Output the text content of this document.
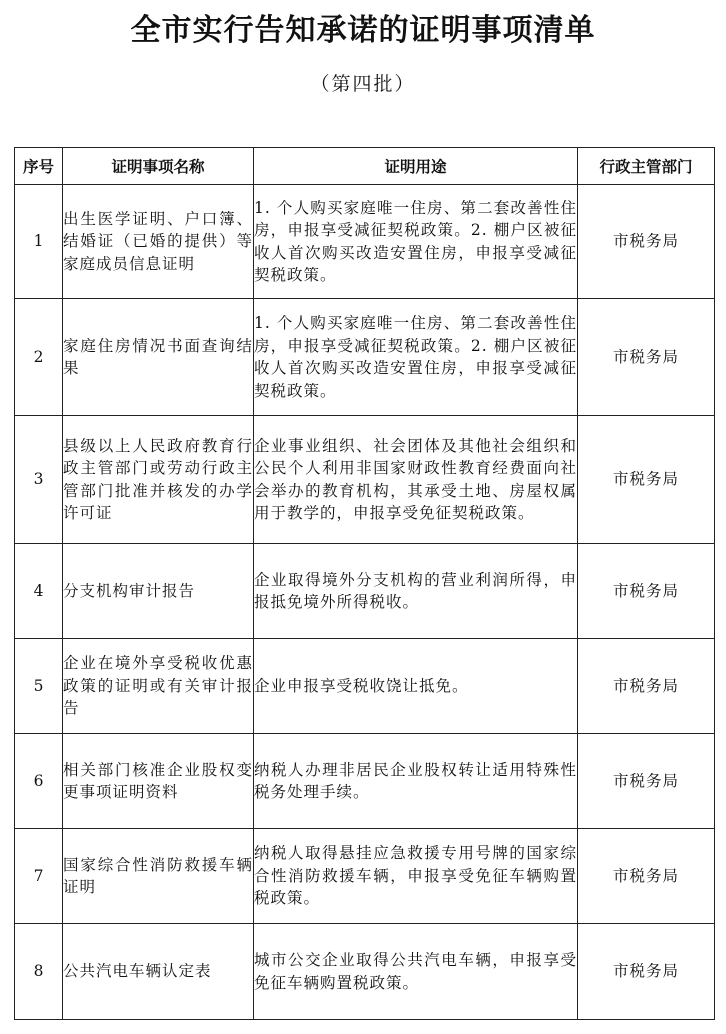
全市实行告知承诺的证明事项清单
（第四批）
序号	证明事项名称	证明用途	行政主管部门
1	出生医学证明、户口簿、结婚证（已婚的提供）等家庭成员信息证明	1. 个人购买家庭唯一住房、第二套改善性住房，申报享受减征契税政策。2. 棚户区被征收人首次购买改造安置住房，申报享受减征契税政策。	市税务局
2	家庭住房情况书面查询结果	1. 个人购买家庭唯一住房、第二套改善性住房，申报享受减征契税政策。2. 棚户区被征收人首次购买改造安置住房，申报享受减征契税政策。	市税务局
3	县级以上人民政府教育行政主管部门或劳动行政主管部门批准并核发的办学许可证	企业事业组织、社会团体及其他社会组织和公民个人利用非国家财政性教育经费面向社会举办的教育机构，其承受土地、房屋权属用于教学的，申报享受免征契税政策。	市税务局
4	分支机构审计报告	企业取得境外分支机构的营业利润所得，申报抵免境外所得税收。	市税务局
5	企业在境外享受税收优惠政策的证明或有关审计报告	企业申报享受税收饶让抵免。	市税务局
6	相关部门核准企业股权变更事项证明资料	纳税人办理非居民企业股权转让适用特殊性税务处理手续。	市税务局
7	国家综合性消防救援车辆证明	纳税人取得悬挂应急救援专用号牌的国家综合性消防救援车辆，申报享受免征车辆购置税政策。	市税务局
8	公共汽电车辆认定表	城市公交企业取得公共汽电车辆，申报享受免征车辆购置税政策。	市税务局
